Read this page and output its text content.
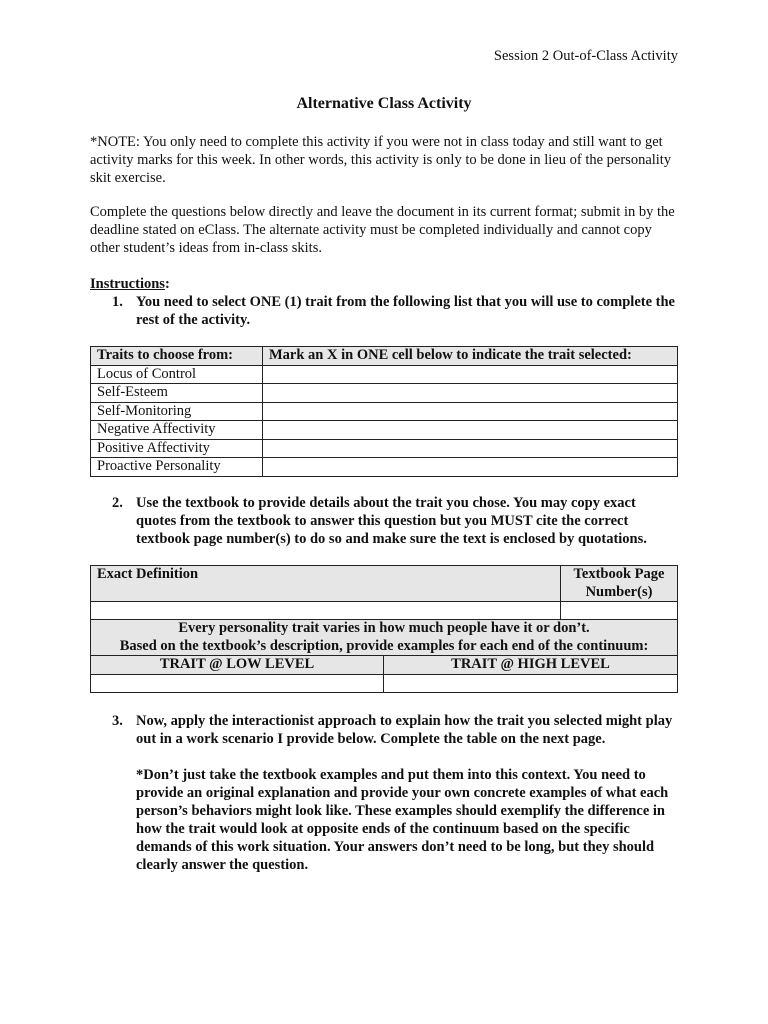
Session 2 Out-of-Class Activity
Alternative Class Activity

*NOTE: You only need to complete this activity if you were not in class today and still want to get activity marks for this week. In other words, this activity is only to be done in lieu of the personality skit exercise.

Complete the questions below directly and leave the document in its current format; submit in by the deadline stated on eClass. The alternate activity must be completed individually and cannot copy other student’s ideas from in-class skits.

Instructions:
1. You need to select ONE (1) trait from the following list that you will use to complete the rest of the activity.
Traits to choose from:	Mark an X in ONE cell below to indicate the trait selected:
Locus of Control	
Self-Esteem	
Self-Monitoring	
Negative Affectivity	
Positive Affectivity	
Proactive Personality	
2. Use the textbook to provide details about the trait you chose. You may copy exact quotes from the textbook to answer this question but you MUST cite the correct textbook page number(s) to do so and make sure the text is enclosed by quotations.
Exact Definition		Textbook Page Number(s)

Every personality trait varies in how much people have it or don’t.
Based on the textbook’s description, provide examples for each end of the continuum:		

TRAIT @ LOW LEVEL	TRAIT @ HIGH LEVEL	

3. Now, apply the interactionist approach to explain how the trait you selected might play out in a work scenario I provide below. Complete the table on the next page.
*Don’t just take the textbook examples and put them into this context. You need to provide an original explanation and provide your own concrete examples of what each person’s behaviors might look like. These examples should exemplify the difference in how the trait would look at opposite ends of the continuum based on the specific demands of this work situation. Your answers don’t need to be long, but they should clearly answer the question.
